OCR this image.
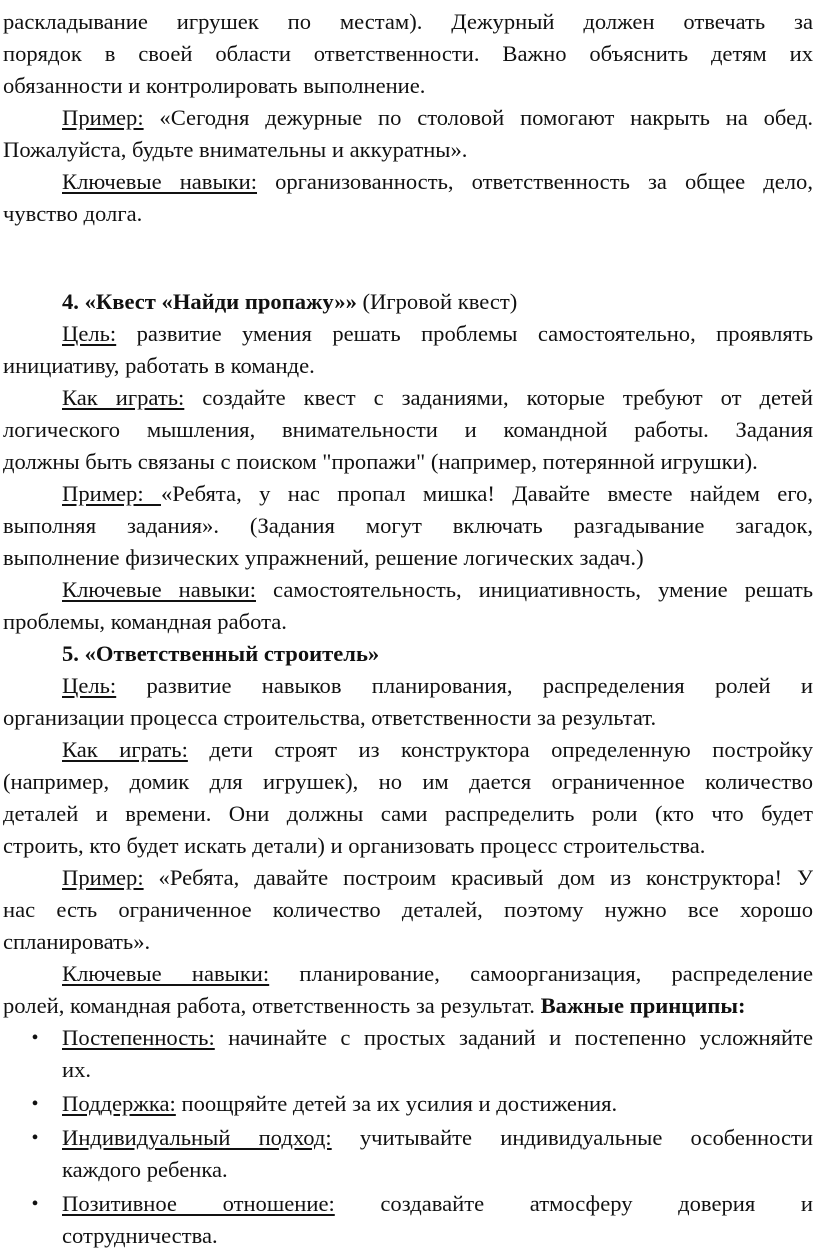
раскладывание игрушек по местам). Дежурный должен отвечать за
порядок в своей области ответственности. Важно объяснить детям их
обязанности и контролировать выполнение.
Пример: «Сегодня дежурные по столовой помогают накрыть на обед.
Пожалуйста, будьте внимательны и аккуратны».
Ключевые навыки: организованность, ответственность за общее дело,
чувство долга.
4. «Квест «Найди пропажу»» (Игровой квест)
Цель: развитие умения решать проблемы самостоятельно, проявлять
инициативу, работать в команде.
Как играть: создайте квест с заданиями, которые требуют от детей
логического мышления, внимательности и командной работы. Задания
должны быть связаны с поиском "пропажи" (например, потерянной игрушки).
Пример: «Ребята, у нас пропал мишка! Давайте вместе найдем его,
выполняя задания». (Задания могут включать разгадывание загадок,
выполнение физических упражнений, решение логических задач.)
Ключевые навыки: самостоятельность, инициативность, умение решать
проблемы, командная работа.
5. «Ответственный строитель»
Цель: развитие навыков планирования, распределения ролей и
организации процесса строительства, ответственности за результат.
Как играть: дети строят из конструктора определенную постройку
(например, домик для игрушек), но им дается ограниченное количество
деталей и времени. Они должны сами распределить роли (кто что будет
строить, кто будет искать детали) и организовать процесс строительства.
Пример: «Ребята, давайте построим красивый дом из конструктора! У
нас есть ограниченное количество деталей, поэтому нужно все хорошо
спланировать».
Ключевые навыки: планирование, самоорганизация, распределение
ролей, командная работа, ответственность за результат. Важные принципы:
• Постепенность: начинайте с простых заданий и постепенно усложняйте
их.
• Поддержка: поощряйте детей за их усилия и достижения.
• Индивидуальный подход: учитывайте индивидуальные особенности
каждого ребенка.
• Позитивное отношение: создавайте атмосферу доверия и
сотрудничества.
